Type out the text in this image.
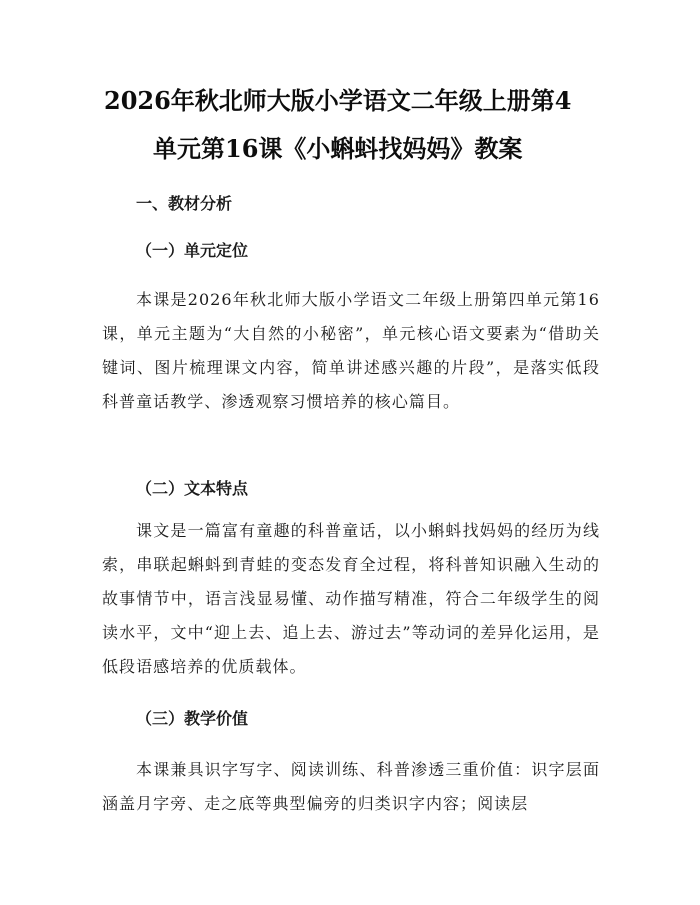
2026年秋北师大版小学语文二年级上册第4
单元第16课《小蝌蚪找妈妈》教案
一、教材分析
（一）单元定位

本课是2026年秋北师大版小学语文二年级上册第四单元第16课，单元主题为“大自然的小秘密”，单元核心语文要素为“借助关键词、图片梳理课文内容，简单讲述感兴趣的片段”，是落实低段科普童话教学、渗透观察习惯培养的核心篇目。

（二）文本特点

课文是一篇富有童趣的科普童话，以小蝌蚪找妈妈的经历为线索，串联起蝌蚪到青蛙的变态发育全过程，将科普知识融入生动的故事情节中，语言浅显易懂、动作描写精准，符合二年级学生的阅读水平，文中“迎上去、追上去、游过去”等动词的差异化运用，是低段语感培养的优质载体。

（三）教学价值

本课兼具识字写字、阅读训练、科普渗透三重价值：识字层面涵盖月字旁、走之底等典型偏旁的归类识字内容；阅读层
